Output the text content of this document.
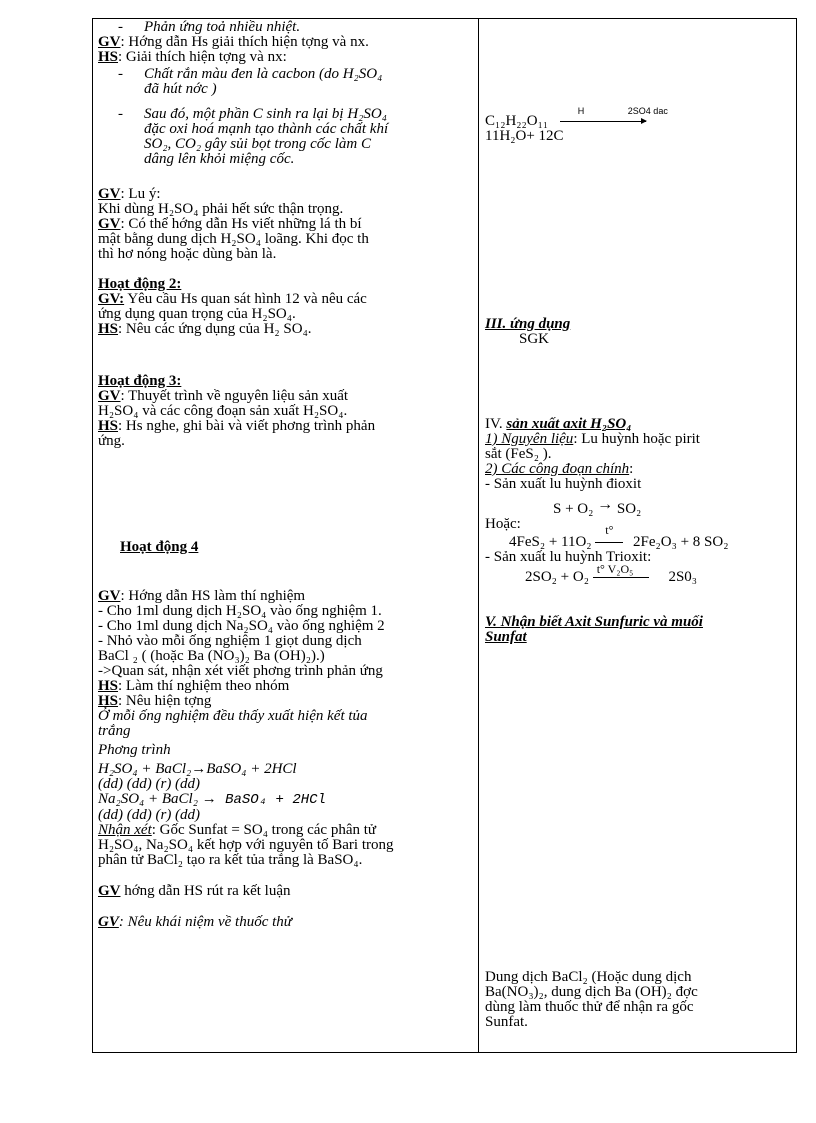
- Phản ứng toả nhiều nhiệt.
GV: Hớng dẫn Hs giải thích hiện tợng và nx.
HS: Giải thích hiện tợng và nx:
- Chất rắn màu đen là cacbon (do H₂SO₄
đã hút nớc )
- Sau đó, một phần C sinh ra lại bị H₂SO₄
đặc oxi hoá mạnh tạo thành các chất khí
SO₂, CO₂ gây sủi bọt trong cốc làm C
dâng lên khỏi miệng cốc.
GV: Lu ý:
Khi dùng H₂SO₄ phải hết sức thận trọng.
GV: Có thể hớng dẫn Hs viết những lá th bí
mật bằng dung dịch H₂SO₄ loãng. Khi đọc th
thì hơ nóng hoặc dùng bàn là.
Hoạt động 2:
GV: Yêu cầu Hs quan sát hình 12 và nêu các
ứng dụng quan trọng của H₂SO₄.
HS: Nêu các ứng dụng của H₂ SO₄.
Hoạt động 3:
GV: Thuyết trình về nguyên liệu sản xuất
H₂SO₄ và các công đoạn sản xuất H₂SO₄.
HS: Hs nghe, ghi bài và viết phơng trình phản
ứng.
Hoạt động 4
GV: Hớng dẫn HS làm thí nghiệm
- Cho 1ml dung dịch H₂SO₄ vào ống nghiệm 1.
- Cho 1ml dung dịch Na₂SO₄ vào ống nghiệm 2
- Nhỏ vào mỗi ống nghiệm 1 giọt dung dịch
BaCl ₂ ( (hoặc Ba (NO₃)₂ Ba (OH)₂).)
->Quan sát, nhận xét viết phơng trình phản ứng
HS: Làm thí nghiệm theo nhóm
HS: Nêu hiện tợng
Ở mỗi ống nghiệm đều thấy xuất hiện kết tủa
trắng
Phơng trình
H₂SO₄ + BaCl₂→BaSO₄ + 2HCl
(dd) (dd) (r) (dd)
Na₂SO₄ + BaCl₂ → BaSO₄ + 2HCl
(dd) (dd) (r) (dd)
Nhận xét: Gốc Sunfat = SO₄ trong các phân tử
H₂SO₄, Na₂SO₄ kết hợp với nguyên tố Bari trong
phân tử BaCl₂ tạo ra kết tủa trắng là BaSO₄.
GV hớng dẫn HS rút ra kết luận
GV: Nêu khái niệm về thuốc thử
C₁₂H₂₂O₁₁
H	2SO4 dac
11H₂O+ 12C
III. ứng dụng
SGK
IV. sản xuất axit H₂SO₄
1) Nguyên liệu: Lu huỳnh hoặc pirit
sắt (FeS₂ ).
2) Các công đoạn chính:
- Sản xuất lu huỳnh đioxit
S + O₂ → SO₂
Hoặc:
4FeS₂ + 11O₂
t°
2Fe₂O₃ + 8 SO₂
- Sản xuất lu huỳnh Trioxit:
2SO₂ + O₂ t° V₂O₅ 2S0₃
V. Nhận biết Axit Sunfuric và muối
Sunfat
Dung dịch BaCl₂ (Hoặc dung dịch
Ba(NO₃)₂, dung dịch Ba (OH)₂ đợc
dùng làm thuốc thử để nhận ra gốc
Sunfat.
